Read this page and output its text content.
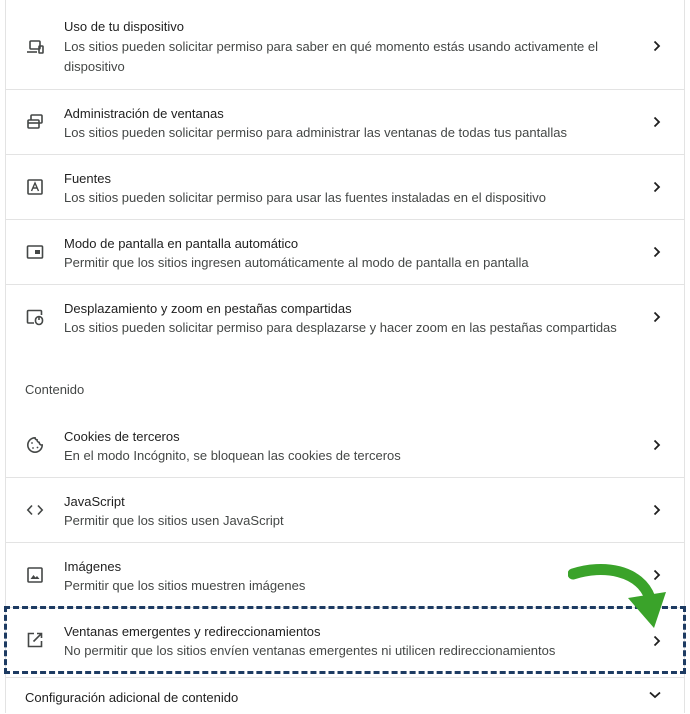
Uso de tu dispositivo
Los sitios pueden solicitar permiso para saber en qué momento estás usando activamente el dispositivo
Administración de ventanas
Los sitios pueden solicitar permiso para administrar las ventanas de todas tus pantallas
Fuentes
Los sitios pueden solicitar permiso para usar las fuentes instaladas en el dispositivo
Modo de pantalla en pantalla automático
Permitir que los sitios ingresen automáticamente al modo de pantalla en pantalla
Desplazamiento y zoom en pestañas compartidas
Los sitios pueden solicitar permiso para desplazarse y hacer zoom en las pestañas compartidas
Contenido
Cookies de terceros
En el modo Incógnito, se bloquean las cookies de terceros
JavaScript
Permitir que los sitios usen JavaScript
Imágenes
Permitir que los sitios muestren imágenes
Ventanas emergentes y redireccionamientos
No permitir que los sitios envíen ventanas emergentes ni utilicen redireccionamientos
Configuración adicional de contenido
